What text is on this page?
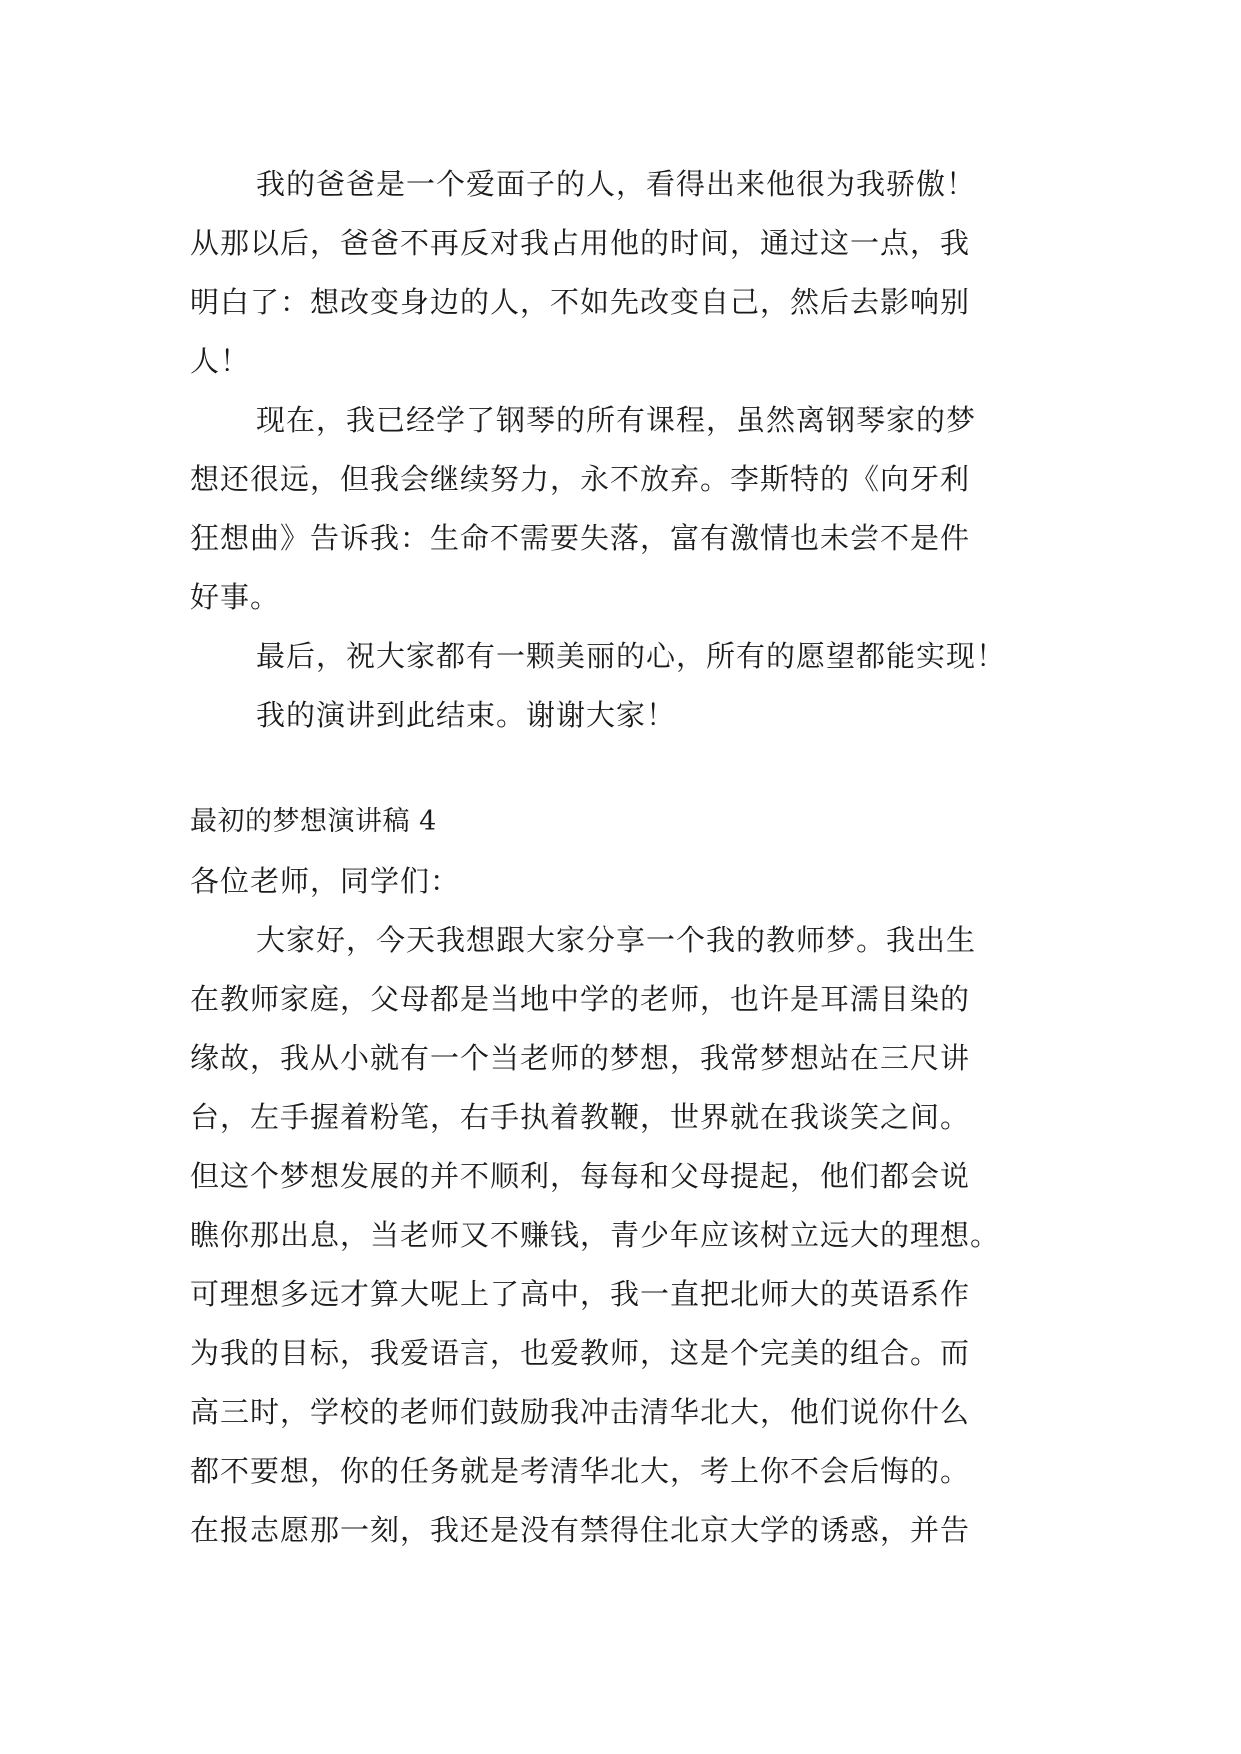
我的爸爸是一个爱面子的人，看得出来他很为我骄傲！
从那以后，爸爸不再反对我占用他的时间，通过这一点，我
明白了：想改变身边的人，不如先改变自己，然后去影响别
人！
现在，我已经学了钢琴的所有课程，虽然离钢琴家的梦
想还很远，但我会继续努力，永不放弃。李斯特的《向牙利
狂想曲》告诉我：生命不需要失落，富有激情也未尝不是件
好事。
最后，祝大家都有一颗美丽的心，所有的愿望都能实现！
我的演讲到此结束。谢谢大家！
最初的梦想演讲稿 4
各位老师，同学们：
大家好，今天我想跟大家分享一个我的教师梦。我出生
在教师家庭，父母都是当地中学的老师，也许是耳濡目染的
缘故，我从小就有一个当老师的梦想，我常梦想站在三尺讲
台，左手握着粉笔，右手执着教鞭，世界就在我谈笑之间。
但这个梦想发展的并不顺利，每每和父母提起，他们都会说
瞧你那出息，当老师又不赚钱，青少年应该树立远大的理想。
可理想多远才算大呢上了高中，我一直把北师大的英语系作
为我的目标，我爱语言，也爱教师，这是个完美的组合。而
高三时，学校的老师们鼓励我冲击清华北大，他们说你什么
都不要想，你的任务就是考清华北大，考上你不会后悔的。
在报志愿那一刻，我还是没有禁得住北京大学的诱惑，并告
